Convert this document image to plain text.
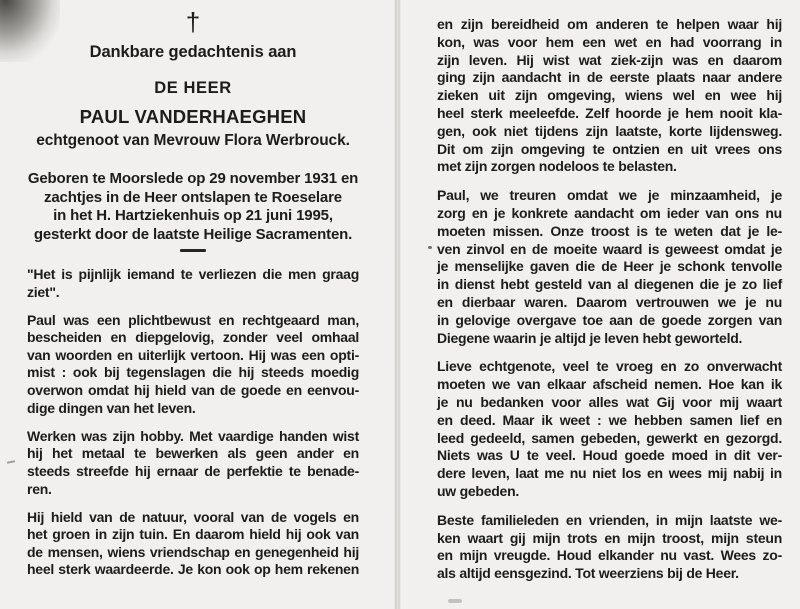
†
Dankbare gedachtenis aan
DE HEER
PAUL VANDERHAEGHEN
echtgenoot van Mevrouw Flora Werbrouck.
Geboren te Moorslede op 29 november 1931 en
zachtjes in de Heer ontslapen te Roeselare
in het H. Hartziekenhuis op 21 juni 1995,
gesterkt door de laatste Heilige Sacramenten.
"Het is pijnlijk iemand te verliezen die men graag
ziet".
Paul was een plichtbewust en rechtgeaard man,
bescheiden en diepgelovig, zonder veel omhaal
van woorden en uiterlijk vertoon. Hij was een opti-
mist : ook bij tegenslagen die hij steeds moedig
overwon omdat hij hield van de goede en eenvou-
dige dingen van het leven.
Werken was zijn hobby. Met vaardige handen wist
hij het metaal te bewerken als geen ander en
steeds streefde hij ernaar de perfektie te benade-
ren.
Hij hield van de natuur, vooral van de vogels en
het groen in zijn tuin. En daarom hield hij ook van
de mensen, wiens vriendschap en genegenheid hij
heel sterk waardeerde. Je kon ook op hem rekenen
en zijn bereidheid om anderen te helpen waar hij
kon, was voor hem een wet en had voorrang in
zijn leven. Hij wist wat ziek-zijn was en daarom
ging zijn aandacht in de eerste plaats naar andere
zieken uit zijn omgeving, wiens wel en wee hij
heel sterk meeleefde. Zelf hoorde je hem nooit kla-
gen, ook niet tijdens zijn laatste, korte lijdensweg.
Dit om zijn omgeving te ontzien en uit vrees ons
met zijn zorgen nodeloos te belasten.
Paul, we treuren omdat we je minzaamheid, je
zorg en je konkrete aandacht om ieder van ons nu
moeten missen. Onze troost is te weten dat je le-
ven zinvol en de moeite waard is geweest omdat je
je menselijke gaven die de Heer je schonk tenvolle
in dienst hebt gesteld van al diegenen die je zo lief
en dierbaar waren. Daarom vertrouwen we je nu
in gelovige overgave toe aan de goede zorgen van
Diegene waarin je altijd je leven hebt geworteld.
Lieve echtgenote, veel te vroeg en zo onverwacht
moeten we van elkaar afscheid nemen. Hoe kan ik
je nu bedanken voor alles wat Gij voor mij waart
en deed. Maar ik weet : we hebben samen lief en
leed gedeeld, samen gebeden, gewerkt en gezorgd.
Niets was U te veel. Houd goede moed in dit ver-
dere leven, laat me nu niet los en wees mij nabij in
uw gebeden.
Beste familieleden en vrienden, in mijn laatste we-
ken waart gij mijn trots en mijn troost, mijn steun
en mijn vreugde. Houd elkander nu vast. Wees zo-
als altijd eensgezind. Tot weerziens bij de Heer.
